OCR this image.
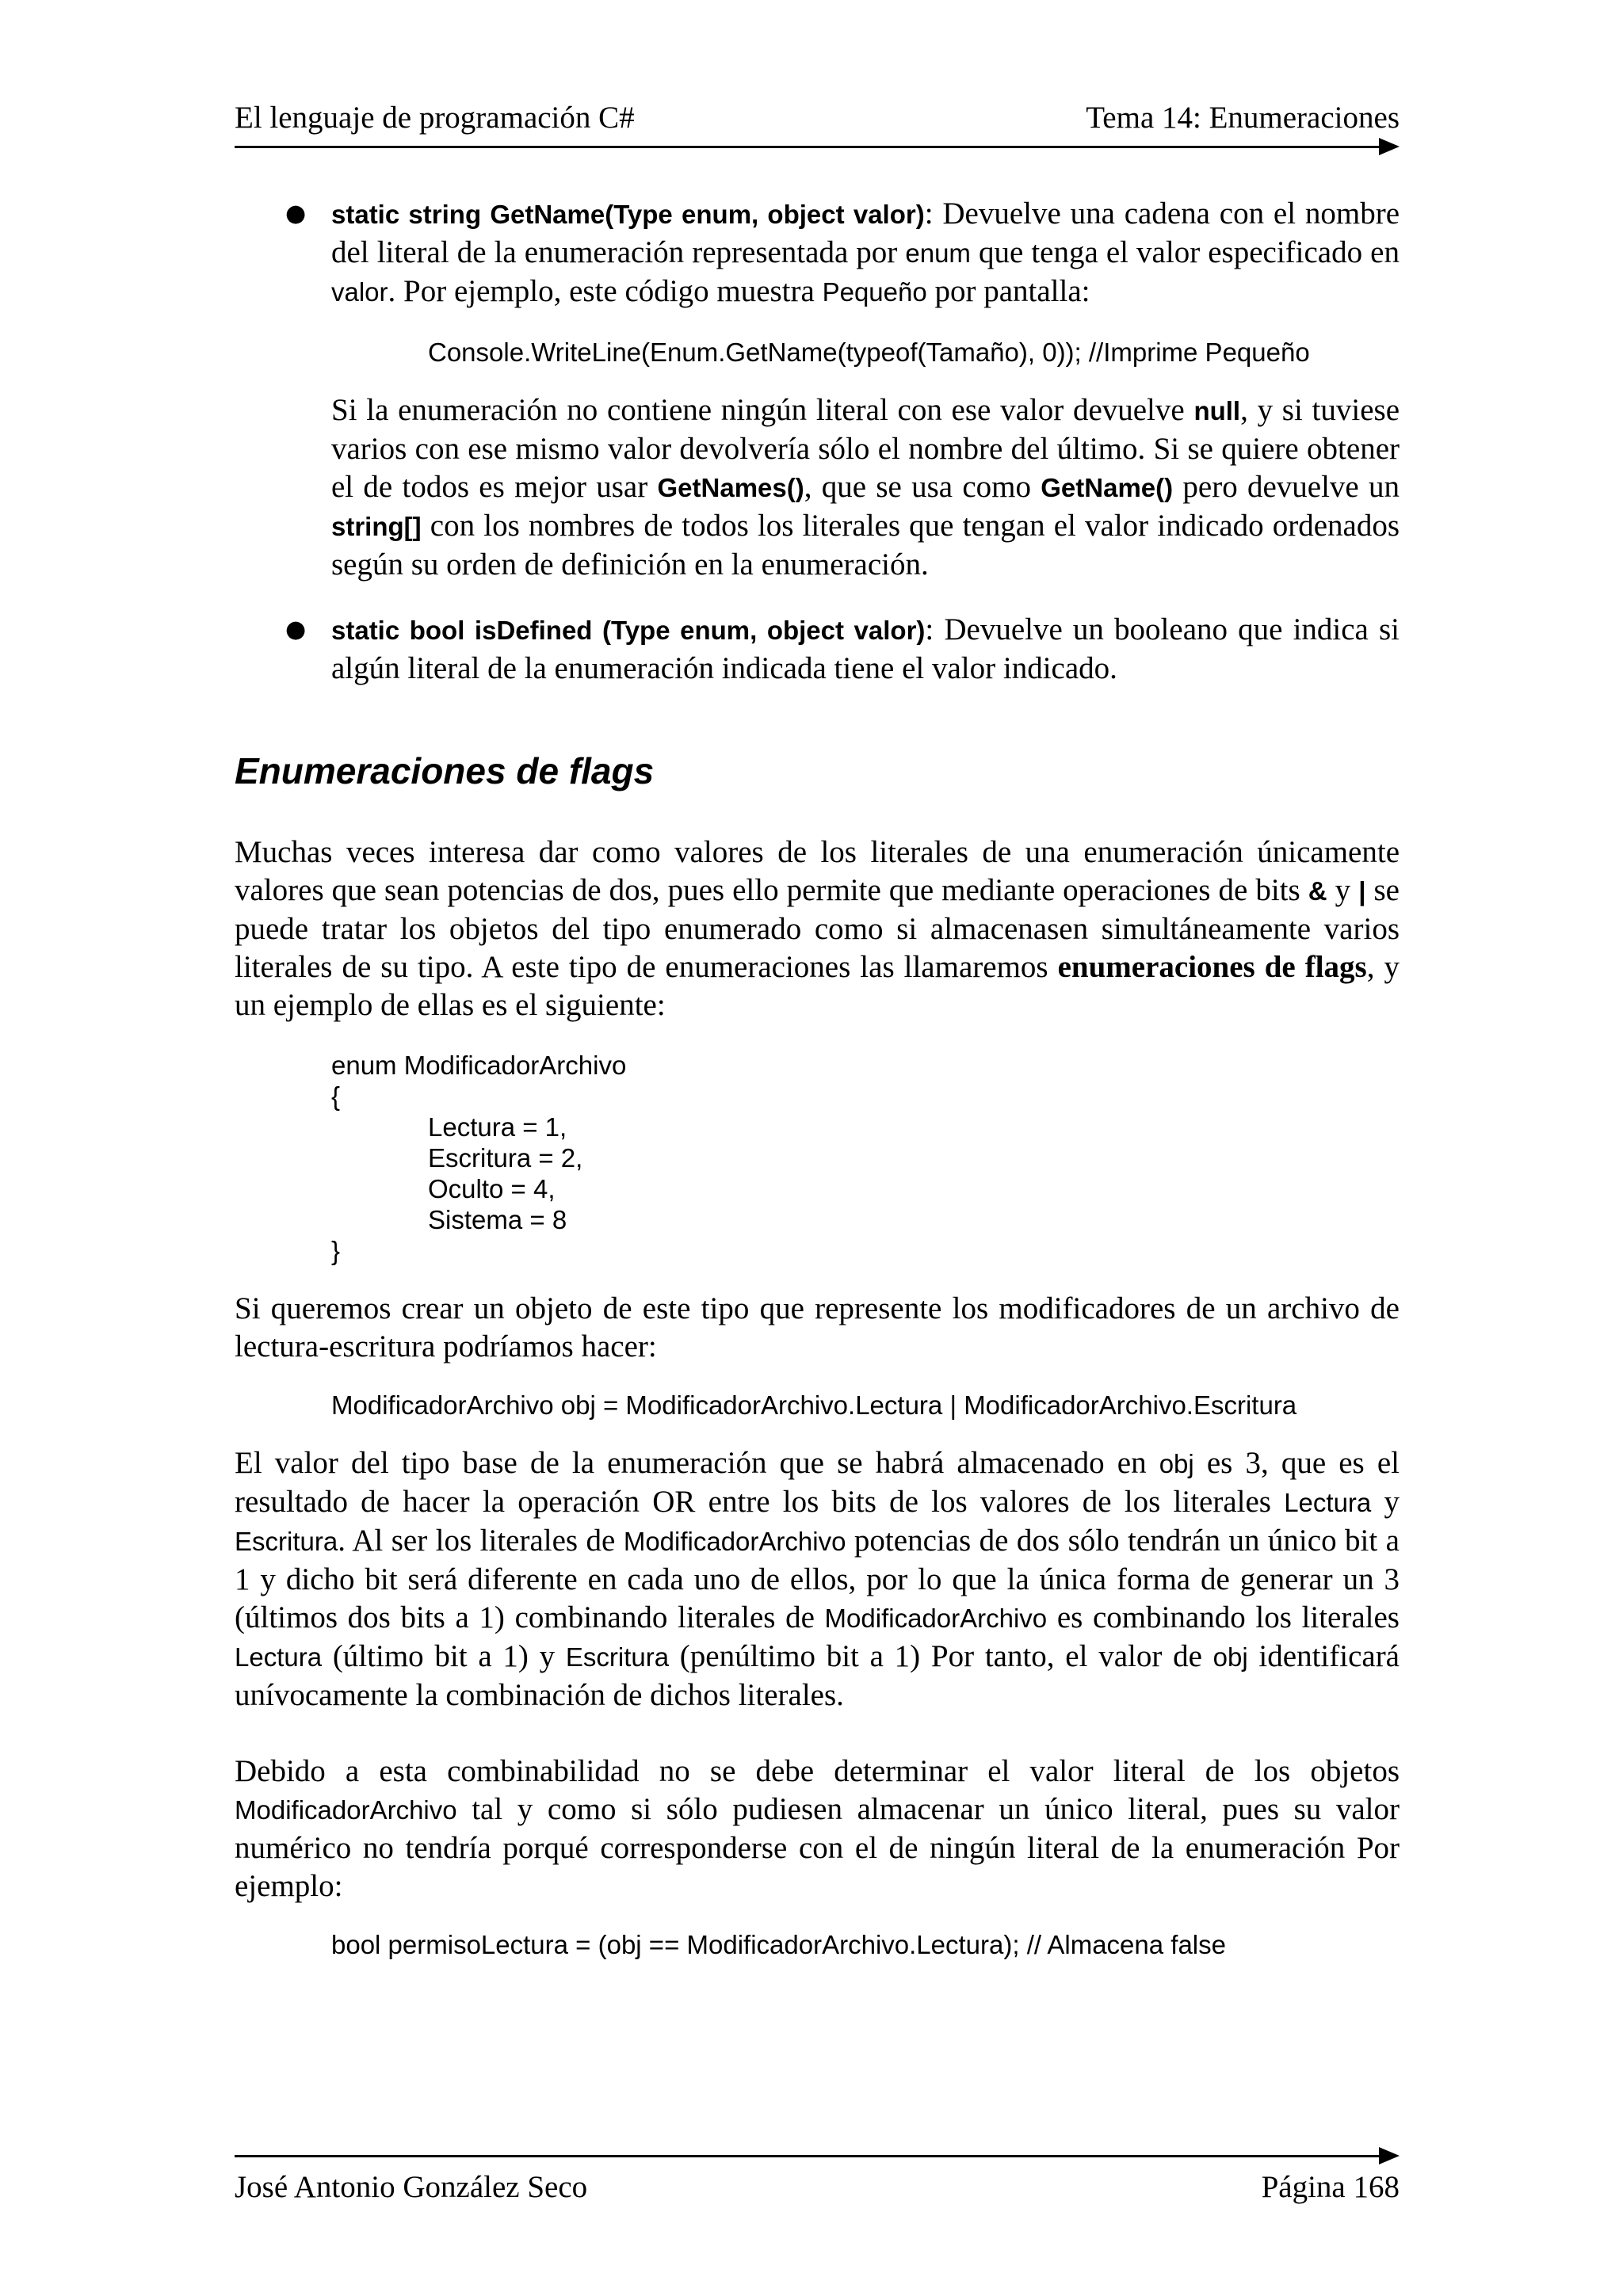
El lenguaje de programación C#	Tema 14: Enumeraciones
● static string GetName(Type enum, object valor): Devuelve una cadena con el nombre del literal de la enumeración representada por enum que tenga el valor especificado en valor. Por ejemplo, este código muestra Pequeño por pantalla:

Console.WriteLine(Enum.GetName(typeof(Tamaño), 0)); //Imprime Pequeño

Si la enumeración no contiene ningún literal con ese valor devuelve null, y si tuviese varios con ese mismo valor devolvería sólo el nombre del último. Si se quiere obtener el de todos es mejor usar GetNames(), que se usa como GetName() pero devuelve un string[] con los nombres de todos los literales que tengan el valor indicado ordenados según su orden de definición en la enumeración.

● static bool isDefined (Type enum, object valor): Devuelve un booleano que indica si algún literal de la enumeración indicada tiene el valor indicado.

Enumeraciones de flags

Muchas veces interesa dar como valores de los literales de una enumeración únicamente valores que sean potencias de dos, pues ello permite que mediante operaciones de bits & y | se puede tratar los objetos del tipo enumerado como si almacenasen simultáneamente varios literales de su tipo. A este tipo de enumeraciones las llamaremos enumeraciones de flags, y un ejemplo de ellas es el siguiente:

enum ModificadorArchivo
{
Lectura = 1,
Escritura = 2,
Oculto = 4,
Sistema = 8
}

Si queremos crear un objeto de este tipo que represente los modificadores de un archivo de lectura-escritura podríamos hacer:

ModificadorArchivo obj = ModificadorArchivo.Lectura | ModificadorArchivo.Escritura

El valor del tipo base de la enumeración que se habrá almacenado en obj es 3, que es el resultado de hacer la operación OR entre los bits de los valores de los literales Lectura y Escritura. Al ser los literales de ModificadorArchivo potencias de dos sólo tendrán un único bit a 1 y dicho bit será diferente en cada uno de ellos, por lo que la única forma de generar un 3 (últimos dos bits a 1) combinando literales de ModificadorArchivo es combinando los literales Lectura (último bit a 1) y Escritura (penúltimo bit a 1) Por tanto, el valor de obj identificará unívocamente la combinación de dichos literales.

Debido a esta combinabilidad no se debe determinar el valor literal de los objetos ModificadorArchivo tal y como si sólo pudiesen almacenar un único literal, pues su valor numérico no tendría porqué corresponderse con el de ningún literal de la enumeración Por ejemplo:

bool permisoLectura = (obj == ModificadorArchivo.Lectura); // Almacena false
José Antonio González Seco	Página 168
